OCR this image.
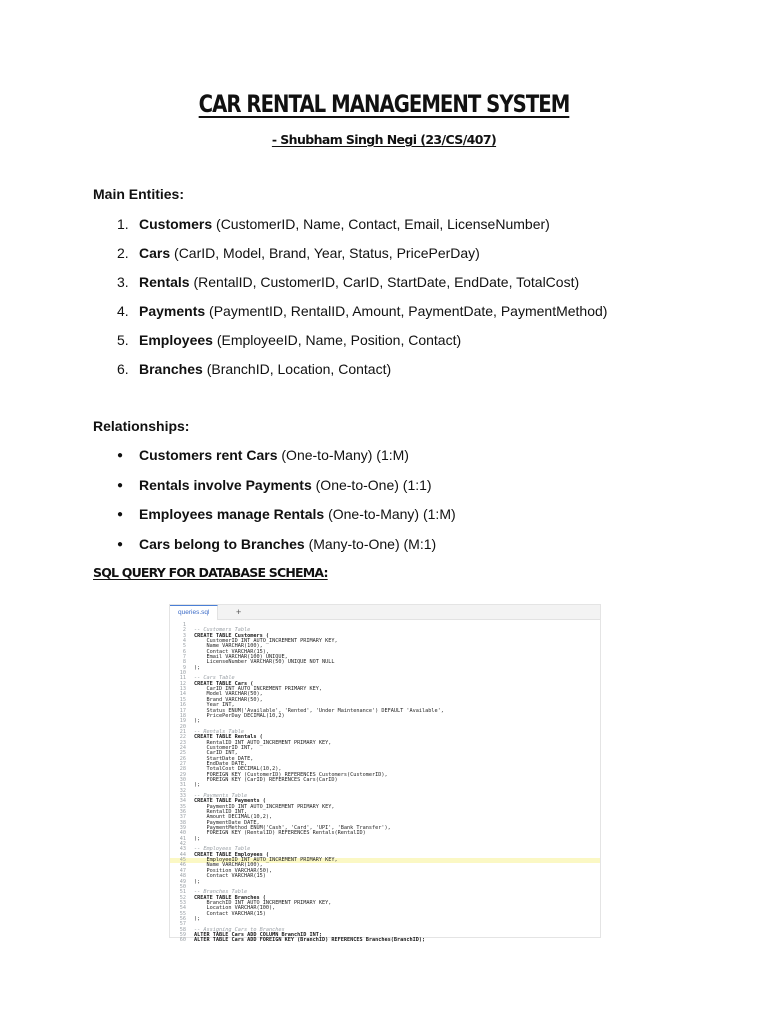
CAR RENTAL MANAGEMENT SYSTEM
- Shubham Singh Negi (23/CS/407)
Main Entities:
1. Customers (CustomerID, Name, Contact, Email, LicenseNumber)
2. Cars (CarID, Model, Brand, Year, Status, PricePerDay)
3. Rentals (RentalID, CustomerID, CarID, StartDate, EndDate, TotalCost)
4. Payments (PaymentID, RentalID, Amount, PaymentDate, PaymentMethod)
5. Employees (EmployeeID, Name, Position, Contact)
6. Branches (BranchID, Location, Contact)
Relationships:
● Customers rent Cars (One-to-Many) (1:M)
● Rentals involve Payments (One-to-One) (1:1)
● Employees manage Rentals (One-to-Many) (1:M)
● Cars belong to Branches (Many-to-One) (M:1)
SQL QUERY FOR DATABASE SCHEMA:
queries.sql	+
1
2 -- Customers Table
3 CREATE TABLE Customers (
4 CustomerID INT AUTO_INCREMENT PRIMARY KEY,
5 Name VARCHAR(100),
6 Contact VARCHAR(15),
7 Email VARCHAR(100) UNIQUE,
8 LicenseNumber VARCHAR(50) UNIQUE NOT NULL
9 );
10
11 -- Cars Table
12 CREATE TABLE Cars (
13 CarID INT AUTO_INCREMENT PRIMARY KEY,
14 Model VARCHAR(50),
15 Brand VARCHAR(50),
16 Year INT,
17 Status ENUM('Available', 'Rented', 'Under Maintenance') DEFAULT 'Available',
18 PricePerDay DECIMAL(10,2)
19 );
20
21 -- Rentals Table
22 CREATE TABLE Rentals (
23 RentalID INT AUTO_INCREMENT PRIMARY KEY,
24 CustomerID INT,
25 CarID INT,
26 StartDate DATE,
27 EndDate DATE,
28 TotalCost DECIMAL(10,2),
29 FOREIGN KEY (CustomerID) REFERENCES Customers(CustomerID),
30 FOREIGN KEY (CarID) REFERENCES Cars(CarID)
31 );
32
33 -- Payments Table
34 CREATE TABLE Payments (
35 PaymentID INT AUTO_INCREMENT PRIMARY KEY,
36 RentalID INT,
37 Amount DECIMAL(10,2),
38 PaymentDate DATE,
39 PaymentMethod ENUM('Cash', 'Card', 'UPI', 'Bank Transfer'),
40 FOREIGN KEY (RentalID) REFERENCES Rentals(RentalID)
41 );
42
43 -- Employees Table
44 CREATE TABLE Employees (
45 EmployeeID INT AUTO_INCREMENT PRIMARY KEY,
46 Name VARCHAR(100),
47 Position VARCHAR(50),
48 Contact VARCHAR(15)
49 );
50
51 -- Branches Table
52 CREATE TABLE Branches (
53 BranchID INT AUTO_INCREMENT PRIMARY KEY,
54 Location VARCHAR(100),
55 Contact VARCHAR(15)
56 );
57
58 -- Assigning Cars to Branches
59 ALTER TABLE Cars ADD COLUMN BranchID INT;
60 ALTER TABLE Cars ADD FOREIGN KEY (BranchID) REFERENCES Branches(BranchID);
